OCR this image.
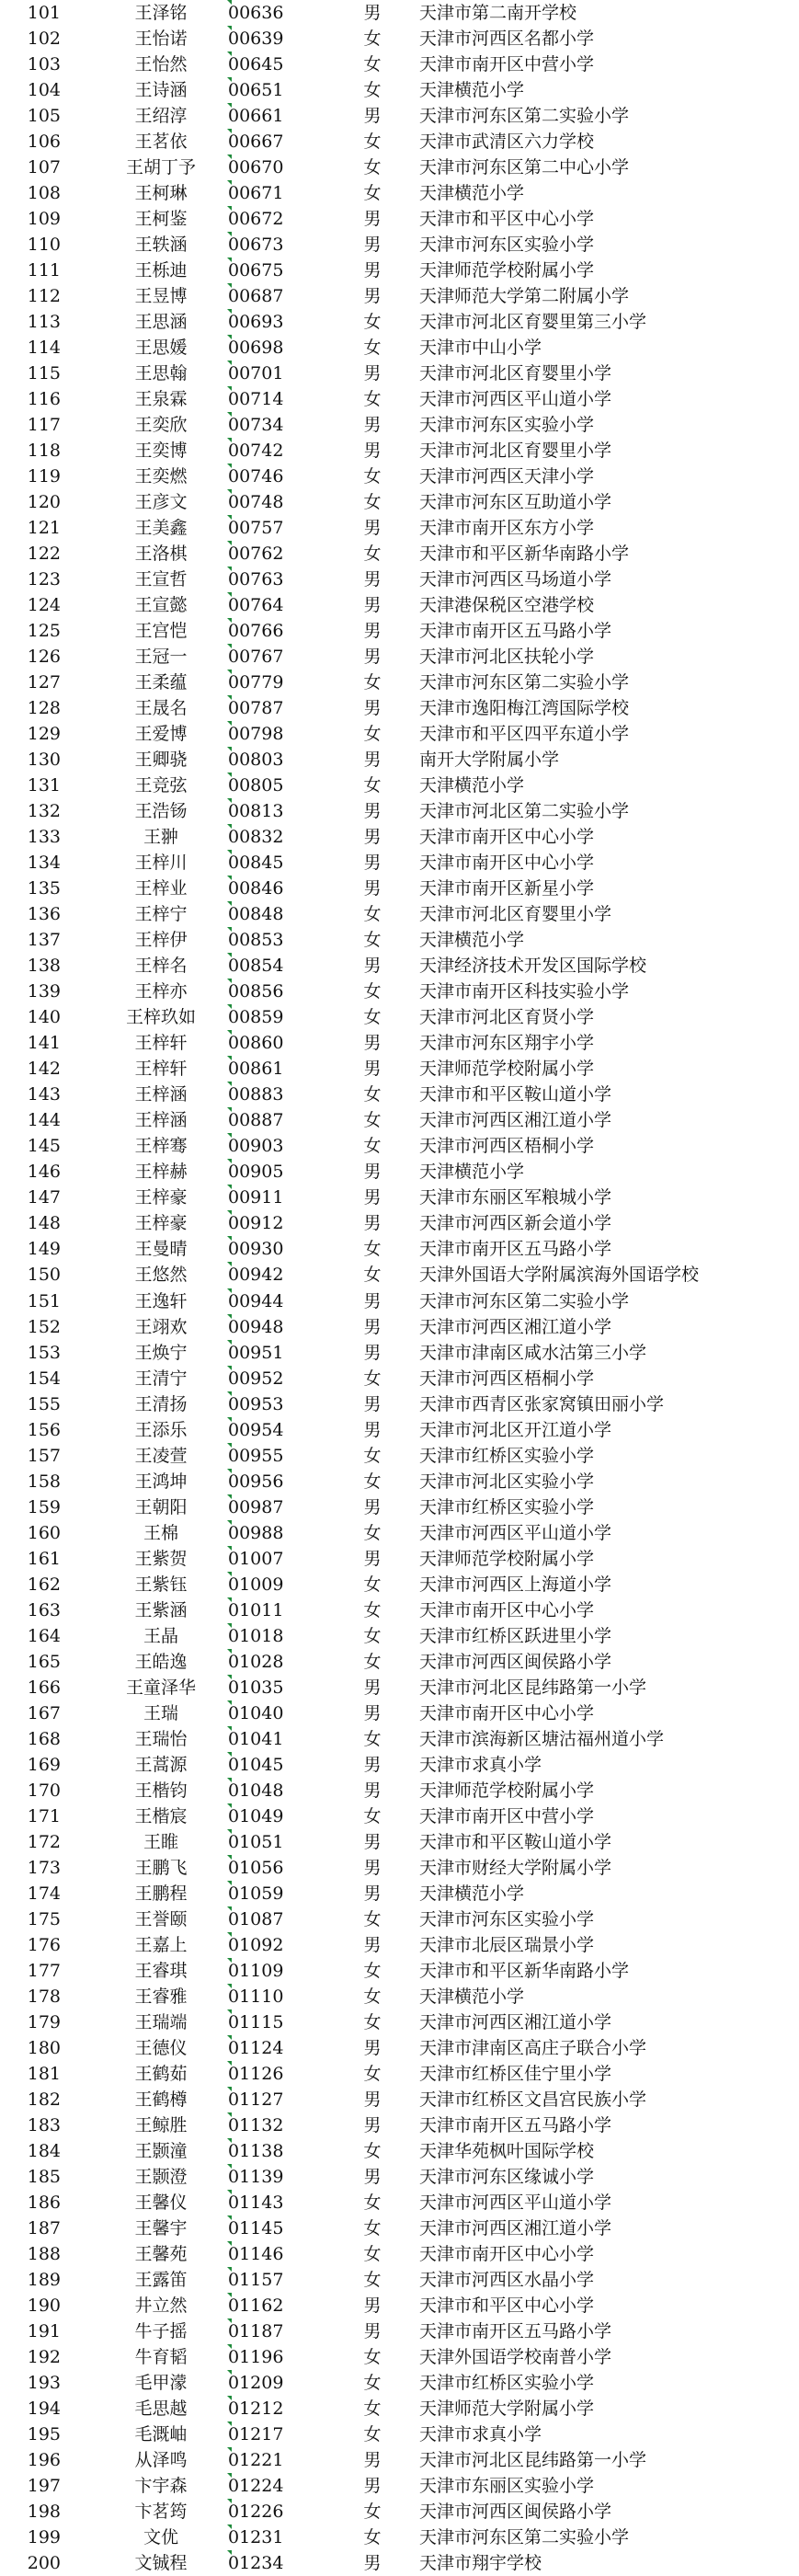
101	王泽铭	00636	男	天津市第二南开学校
102	王怡诺	00639	女	天津市河西区名都小学
103	王怡然	00645	女	天津市南开区中营小学
104	王诗涵	00651	女	天津横范小学
105	王绍淳	00661	男	天津市河东区第二实验小学
106	王茗依	00667	女	天津市武清区六力学校
107	王胡丁予	00670	女	天津市河东区第二中心小学
108	王柯琳	00671	女	天津横范小学
109	王柯鉴	00672	男	天津市和平区中心小学
110	王轶涵	00673	男	天津市河东区实验小学
111	王栎迪	00675	男	天津师范学校附属小学
112	王昱博	00687	男	天津师范大学第二附属小学
113	王思涵	00693	女	天津市河北区育婴里第三小学
114	王思媛	00698	女	天津市中山小学
115	王思翰	00701	男	天津市河北区育婴里小学
116	王泉霖	00714	女	天津市河西区平山道小学
117	王奕欣	00734	男	天津市河东区实验小学
118	王奕博	00742	男	天津市河北区育婴里小学
119	王奕燃	00746	女	天津市河西区天津小学
120	王彦文	00748	女	天津市河东区互助道小学
121	王美鑫	00757	男	天津市南开区东方小学
122	王洛棋	00762	女	天津市和平区新华南路小学
123	王宣哲	00763	男	天津市河西区马场道小学
124	王宣懿	00764	男	天津港保税区空港学校
125	王宫恺	00766	男	天津市南开区五马路小学
126	王冠一	00767	男	天津市河北区扶轮小学
127	王柔蕴	00779	女	天津市河东区第二实验小学
128	王晟名	00787	男	天津市逸阳梅江湾国际学校
129	王爱博	00798	女	天津市和平区四平东道小学
130	王卿骁	00803	男	南开大学附属小学
131	王竞弦	00805	女	天津横范小学
132	王浩钖	00813	男	天津市河北区第二实验小学
133	王翀	00832	男	天津市南开区中心小学
134	王梓川	00845	男	天津市南开区中心小学
135	王梓业	00846	男	天津市南开区新星小学
136	王梓宁	00848	女	天津市河北区育婴里小学
137	王梓伊	00853	女	天津横范小学
138	王梓名	00854	男	天津经济技术开发区国际学校
139	王梓亦	00856	女	天津市南开区科技实验小学
140	王梓玖如	00859	女	天津市河北区育贤小学
141	王梓轩	00860	男	天津市河东区翔宇小学
142	王梓轩	00861	男	天津师范学校附属小学
143	王梓涵	00883	女	天津市和平区鞍山道小学
144	王梓涵	00887	女	天津市河西区湘江道小学
145	王梓骞	00903	女	天津市河西区梧桐小学
146	王梓赫	00905	男	天津横范小学
147	王梓豪	00911	男	天津市东丽区军粮城小学
148	王梓豪	00912	男	天津市河西区新会道小学
149	王曼晴	00930	女	天津市南开区五马路小学
150	王悠然	00942	女	天津外国语大学附属滨海外国语学校
151	王逸轩	00944	男	天津市河东区第二实验小学
152	王翊欢	00948	男	天津市河西区湘江道小学
153	王焕宁	00951	男	天津市津南区咸水沽第三小学
154	王清宁	00952	女	天津市河西区梧桐小学
155	王清扬	00953	男	天津市西青区张家窝镇田丽小学
156	王添乐	00954	男	天津市河北区开江道小学
157	王凌萱	00955	女	天津市红桥区实验小学
158	王鸿坤	00956	女	天津市河北区实验小学
159	王朝阳	00987	男	天津市红桥区实验小学
160	王棉	00988	女	天津市河西区平山道小学
161	王紫贺	01007	男	天津师范学校附属小学
162	王紫钰	01009	女	天津市河西区上海道小学
163	王紫涵	01011	女	天津市南开区中心小学
164	王晶	01018	女	天津市红桥区跃进里小学
165	王皓逸	01028	女	天津市河西区闽侯路小学
166	王童泽华	01035	男	天津市河北区昆纬路第一小学
167	王瑞	01040	男	天津市南开区中心小学
168	王瑞怡	01041	女	天津市滨海新区塘沽福州道小学
169	王蒿源	01045	男	天津市求真小学
170	王楷钧	01048	男	天津师范学校附属小学
171	王楷宸	01049	女	天津市南开区中营小学
172	王睢	01051	男	天津市和平区鞍山道小学
173	王鹏飞	01056	男	天津市财经大学附属小学
174	王鹏程	01059	男	天津横范小学
175	王誉颐	01087	女	天津市河东区实验小学
176	王嘉上	01092	男	天津市北辰区瑞景小学
177	王睿琪	01109	女	天津市和平区新华南路小学
178	王睿雅	01110	女	天津横范小学
179	王瑞端	01115	女	天津市河西区湘江道小学
180	王德仪	01124	男	天津市津南区高庄子联合小学
181	王鹤茹	01126	女	天津市红桥区佳宁里小学
182	王鹤樽	01127	男	天津市红桥区文昌宫民族小学
183	王鲸胜	01132	男	天津市南开区五马路小学
184	王颢潼	01138	女	天津华苑枫叶国际学校
185	王颢澄	01139	男	天津市河东区缘诚小学
186	王馨仪	01143	女	天津市河西区平山道小学
187	王馨宇	01145	女	天津市河西区湘江道小学
188	王馨苑	01146	女	天津市南开区中心小学
189	王露笛	01157	女	天津市河西区水晶小学
190	井立然	01162	男	天津市和平区中心小学
191	牛子摇	01187	男	天津市南开区五马路小学
192	牛育韬	01196	女	天津外国语学校南普小学
193	毛甲濛	01209	女	天津市红桥区实验小学
194	毛思越	01212	女	天津师范大学附属小学
195	毛溉岫	01217	女	天津市求真小学
196	从泽鸣	01221	男	天津市河北区昆纬路第一小学
197	卞宇森	01224	男	天津市东丽区实验小学
198	卞茗筠	01226	女	天津市河西区闽侯路小学
199	文优	01231	女	天津市河东区第二实验小学
200	文铖程	01234	男	天津市翔宇学校
